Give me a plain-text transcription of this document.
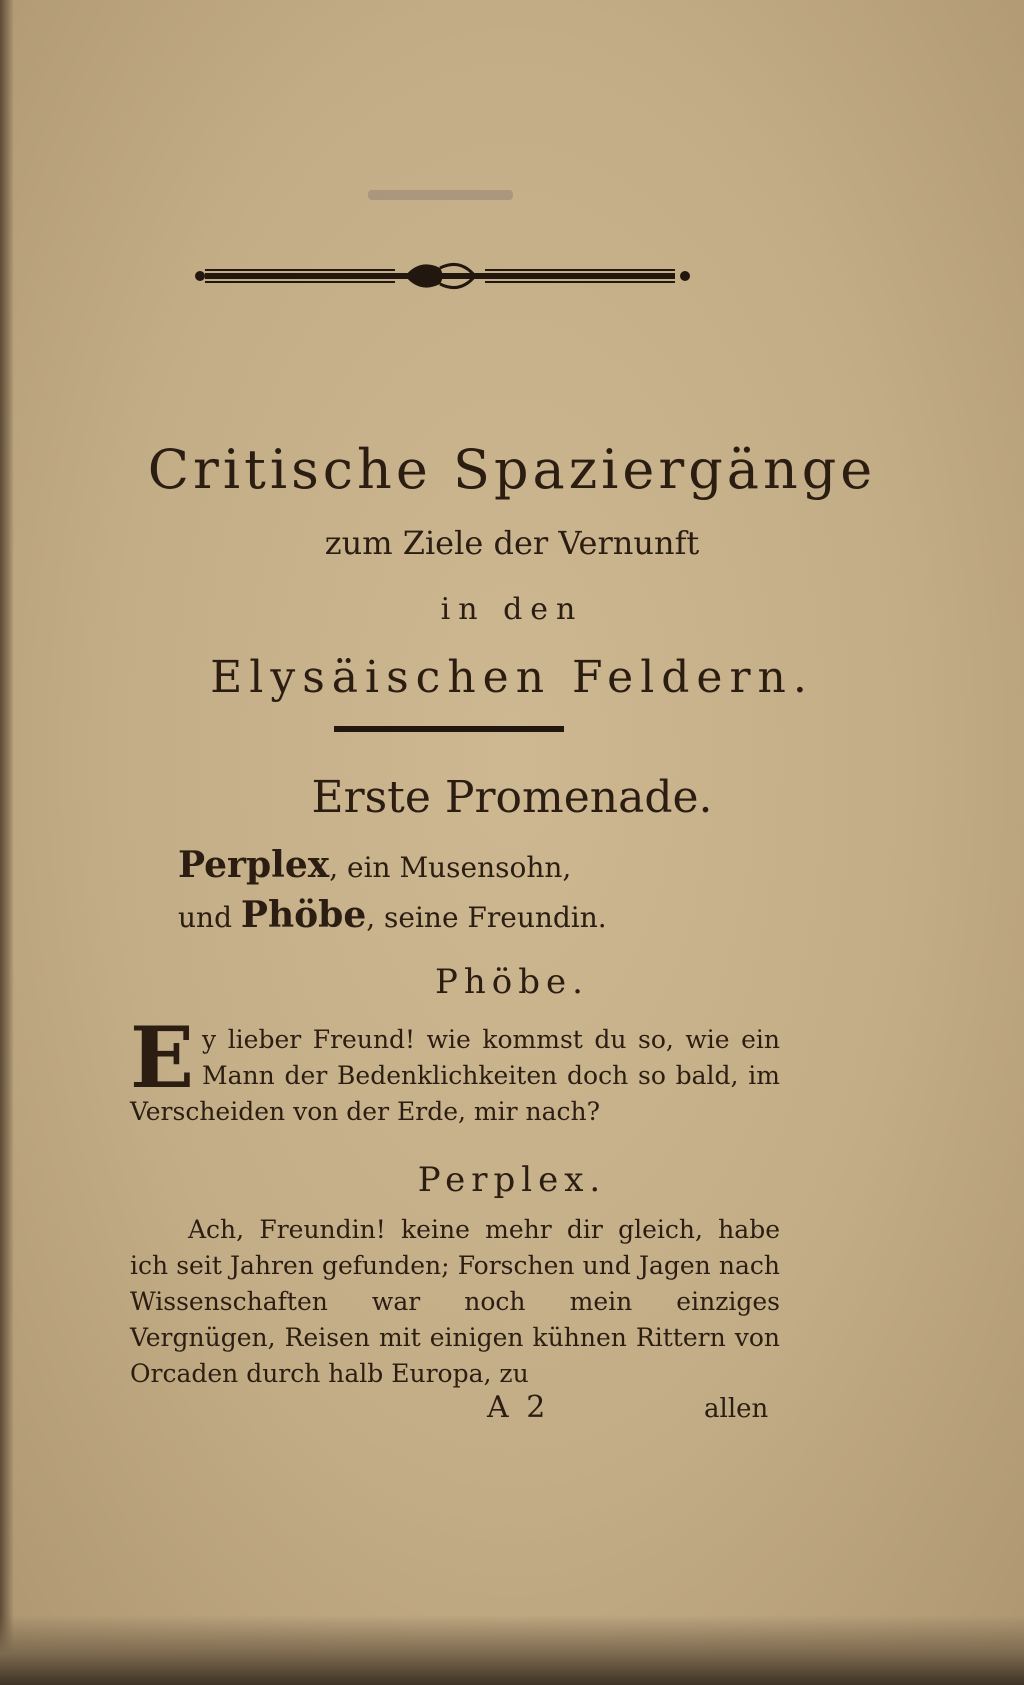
Critische Spaziergänge
zum Ziele der Vernunft
in den
Elysäischen Feldern.
Erste Promenade.
Perplex, ein Musensohn,
und Phöbe, seine Freundin.
Phöbe.
Ey lieber Freund! wie kommst du so, wie ein Mann der Bedenklichkeiten doch so bald, im Verscheiden von der Erde, mir nach?
Perplex.
Ach, Freundin! keine mehr dir gleich, habe ich seit Jahren gefunden; Forschen und Jagen nach Wissenschaften war noch mein einziges Vergnügen, Reisen mit einigen kühnen Rittern von Orcaden durch halb Europa, zu
A 2	allen
